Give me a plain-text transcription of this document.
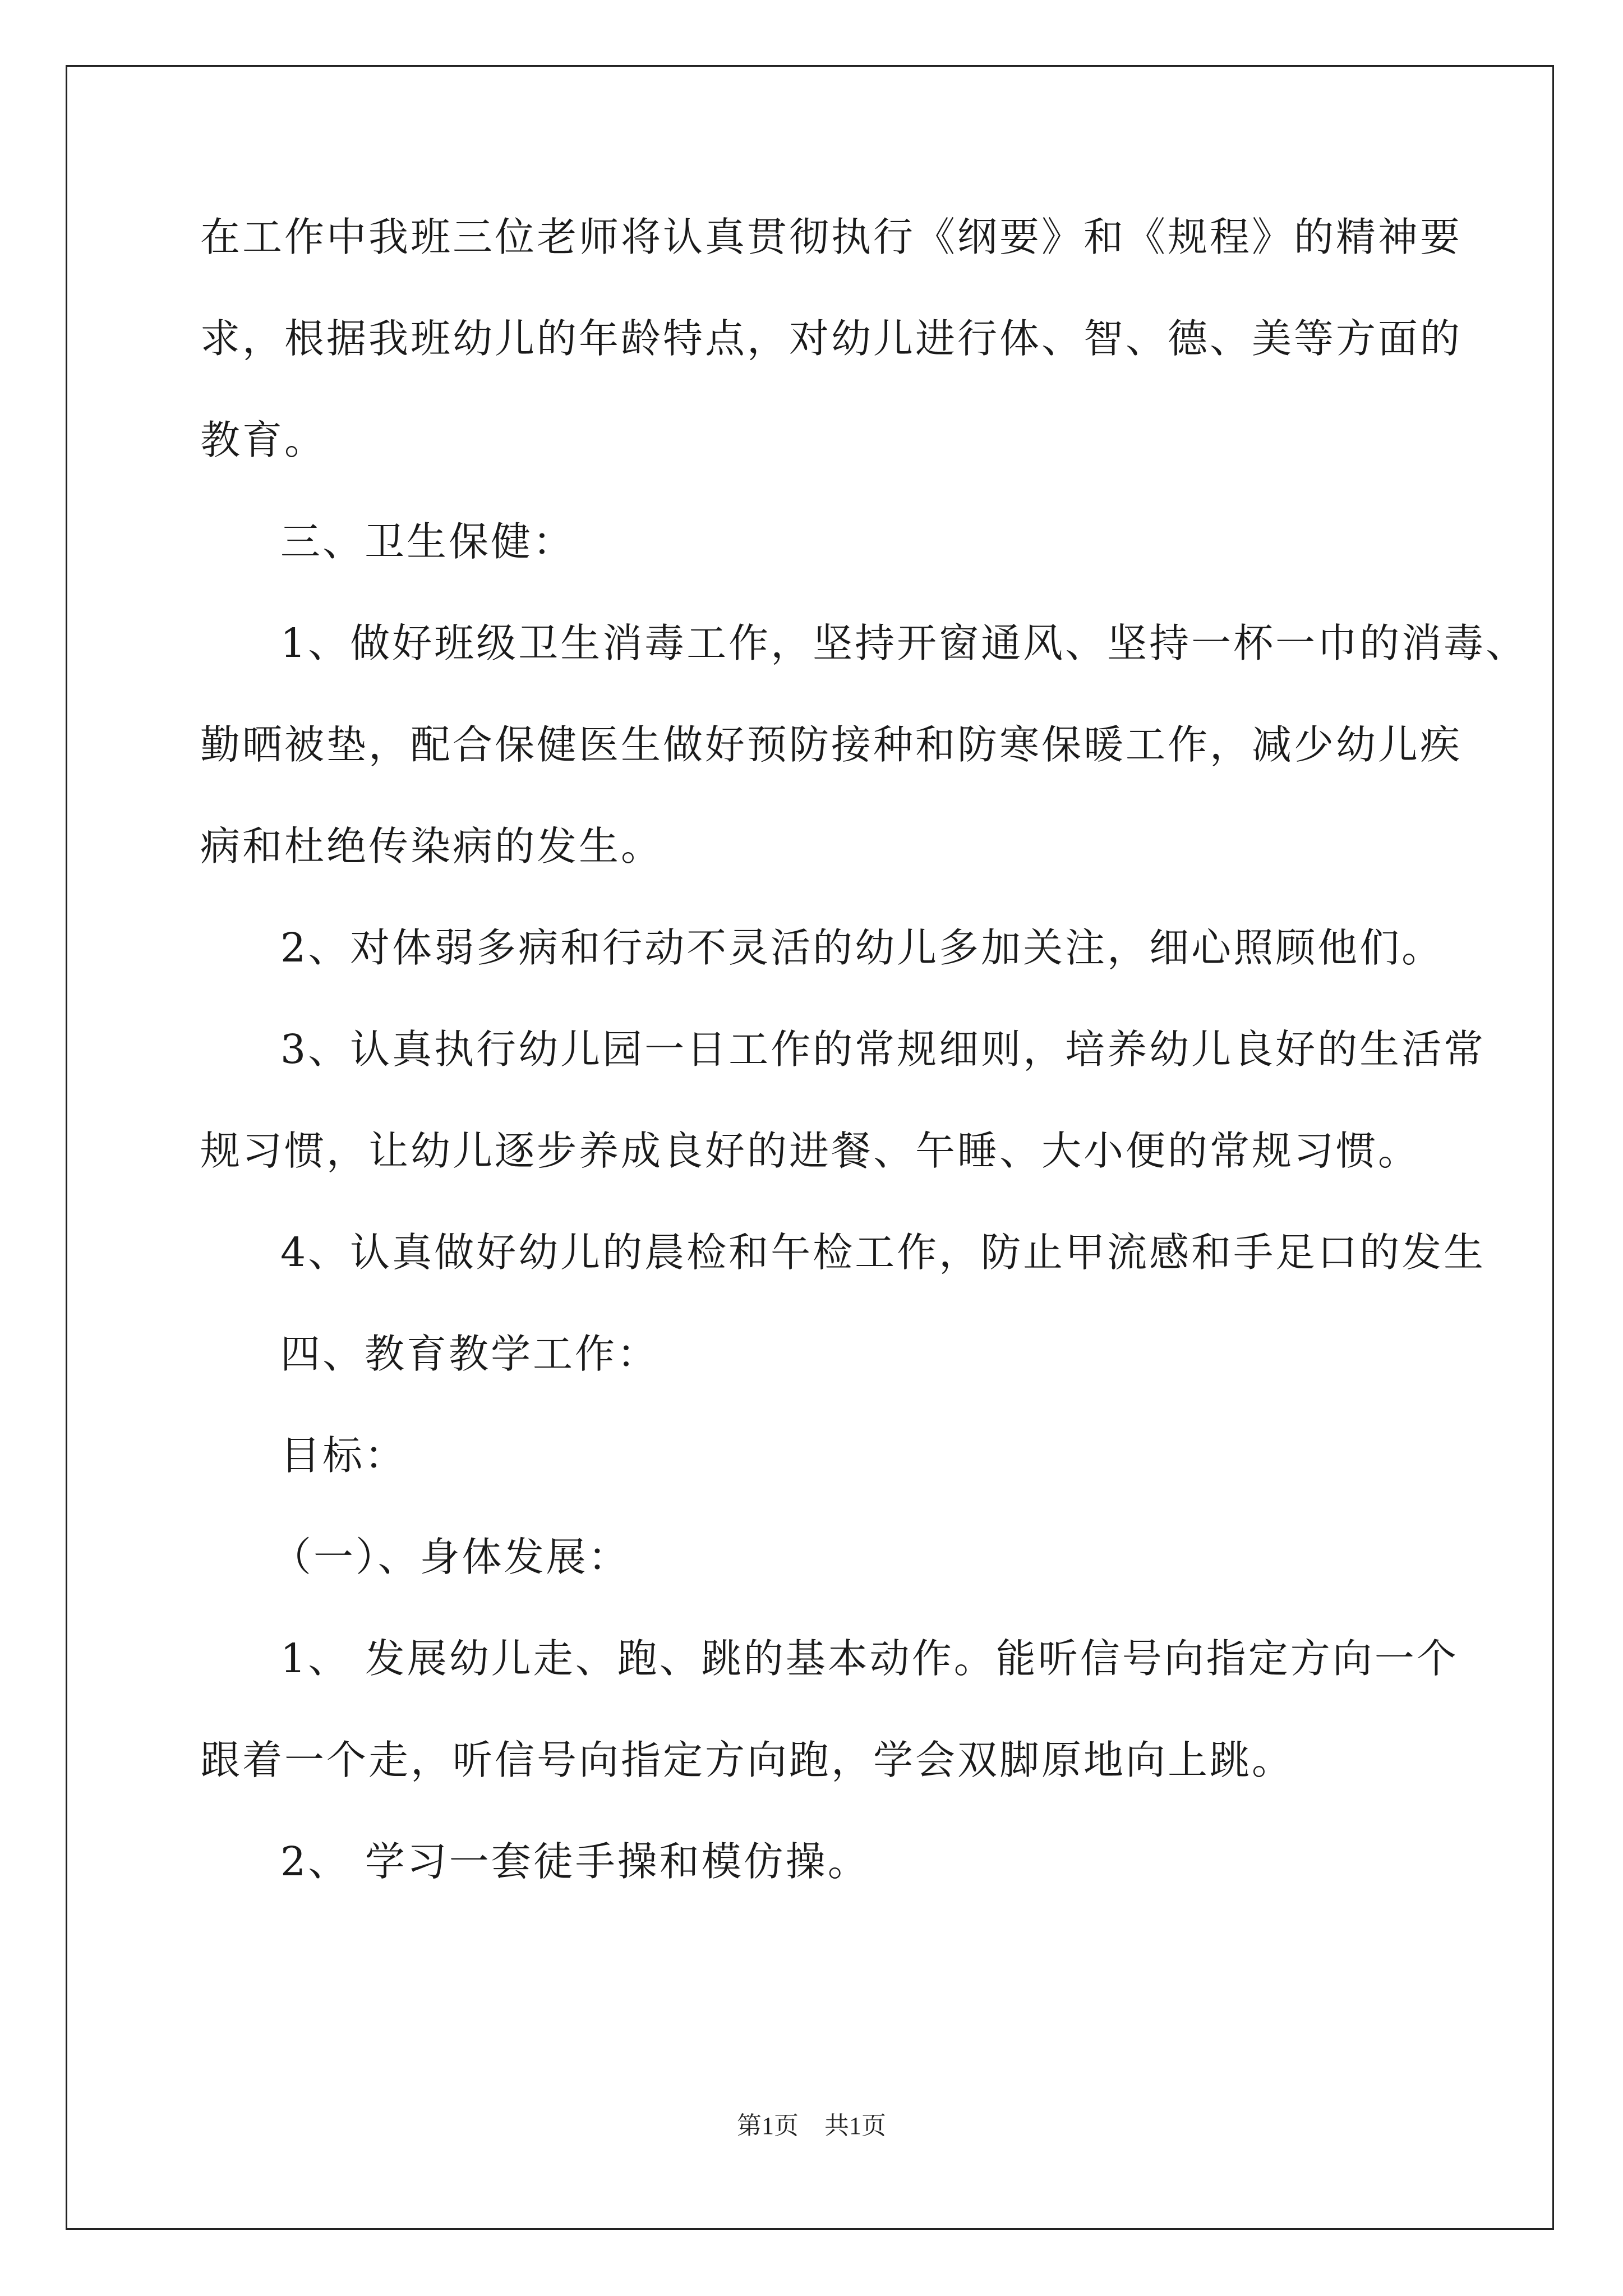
在工作中我班三位老师将认真贯彻执行《纲要》和《规程》的精神要
求，根据我班幼儿的年龄特点，对幼儿进行体、智、德、美等方面的
教育。
三、卫生保健：
1、做好班级卫生消毒工作，坚持开窗通风、坚持一杯一巾的消毒、
勤晒被垫，配合保健医生做好预防接种和防寒保暖工作，减少幼儿疾
病和杜绝传染病的发生。
2、对体弱多病和行动不灵活的幼儿多加关注，细心照顾他们。
3、认真执行幼儿园一日工作的常规细则，培养幼儿良好的生活常
规习惯，让幼儿逐步养成良好的进餐、午睡、大小便的常规习惯。
4、认真做好幼儿的晨检和午检工作，防止甲流感和手足口的发生
四、教育教学工作：
目标：
（一）、身体发展：
1、 发展幼儿走、跑、跳的基本动作。能听信号向指定方向一个
跟着一个走，听信号向指定方向跑，学会双脚原地向上跳。
2、 学习一套徒手操和模仿操。
第1页 共1页
